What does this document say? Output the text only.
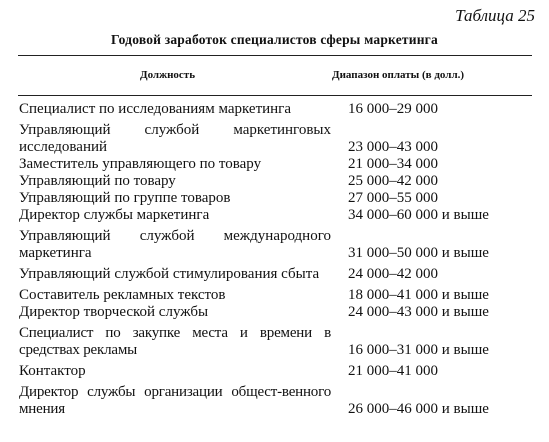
Таблица 25
Годовой заработок специалистов сферы маркетинга
Должность	Диапазон оплаты (в долл.)
Специалист по исследованиям маркетинга	16 000–29 000
Управляющий службой маркетинговых исследований	23 000–43 000
Заместитель управляющего по товару	21 000–34 000
Управляющий по товару	25 000–42 000
Управляющий по группе товаров	27 000–55 000
Директор службы маркетинга	34 000–60 000 и выше
Управляющий службой международного маркетинга	31 000–50 000 и выше
Управляющий службой стимулирования сбыта	24 000–42 000
Составитель рекламных текстов	18 000–41 000 и выше
Директор творческой службы	24 000–43 000 и выше
Специалист по закупке места и времени в средствах рекламы	16 000–31 000 и выше
Контактор	21 000–41 000
Директор службы организации общест-венного мнения	26 000–46 000 и выше
